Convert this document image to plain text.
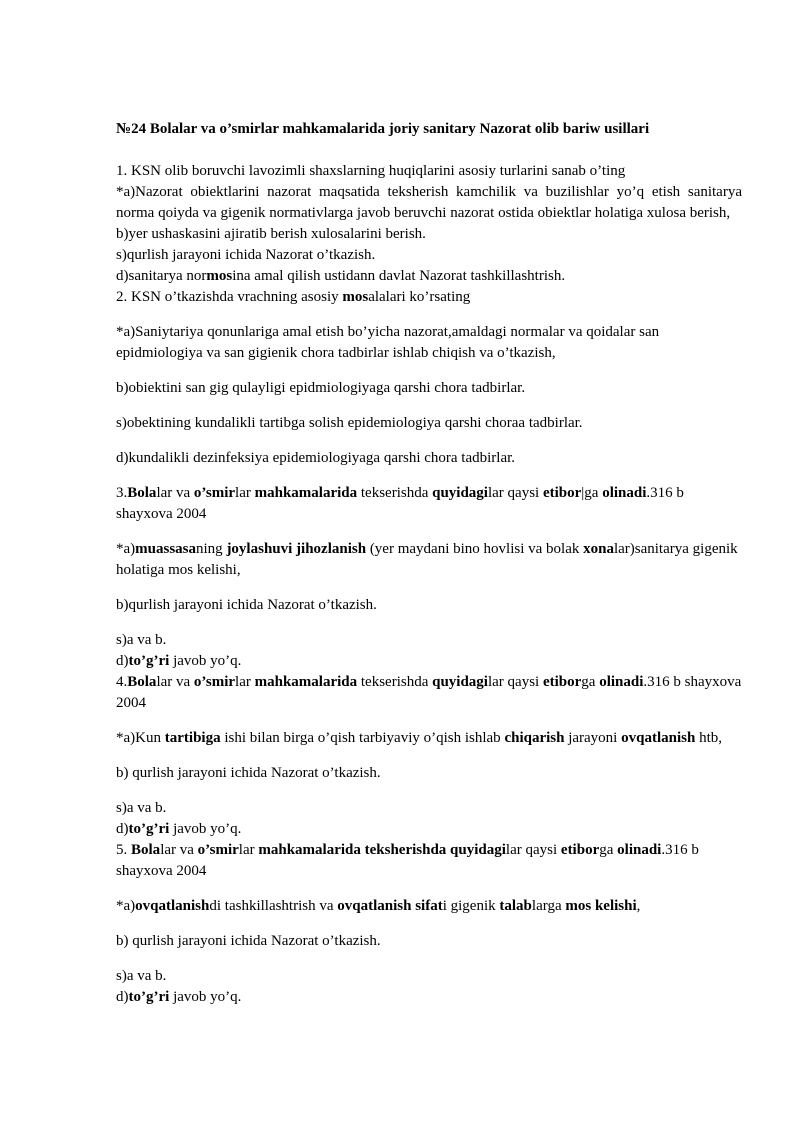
№24 Bolalar va o’smirlar mahkamalarida joriy sanitary Nazorat olib bariw usillari

1. KSN olib boruvchi lavozimli shaxslarning huqiqlarini asosiy turlarini sanab o’ting

*a)Nazorat obiektlarini nazorat maqsatida teksherish kamchilik va buzilishlar yo’q etish sanitarya norma qoiyda va gigenik normativlarga javob beruvchi nazorat ostida obiektlar holatiga xulosa berish,

b)yer ushaskasini ajiratib berish xulosalarini berish.

s)qurlish jarayoni ichida Nazorat o’tkazish.

d)sanitarya normosina amal qilish ustidann davlat Nazorat tashkillashtrish.

2. KSN o’tkazishda vrachning asosiy mosalalari ko’rsating

*a)Saniytariya qonunlariga amal etish bo’yicha nazorat,amaldagi normalar va qoidalar san epidmiologiya va san gigienik chora tadbirlar ishlab chiqish va o’tkazish,

b)obiektini san gig qulayligi epidmiologiyaga qarshi chora tadbirlar.

s)obektining kundalikli tartibga solish epidemiologiya qarshi choraa tadbirlar.

d)kundalikli dezinfeksiya epidemiologiyaga qarshi chora tadbirlar.

3.Bolalar va o’smirlar mahkamalarida tekserishda quyidagilar qaysi etibor|ga olinadi.316 b shayxova 2004

*a)muassasaning joylashuvi jihozlanish (yer maydani bino hovlisi va bolak xonalar)sanitarya gigenik holatiga mos kelishi,

b)qurlish jarayoni ichida Nazorat o’tkazish.

s)a va b.

d)to’g’ri javob yo’q.

4.Bolalar va o’smirlar mahkamalarida tekserishda quyidagilar qaysi etiborga olinadi.316 b shayxova 2004

*a)Kun tartibiga ishi bilan birga o’qish tarbiyaviy o’qish ishlab chiqarish jarayoni ovqatlanish htb,

b) qurlish jarayoni ichida Nazorat o’tkazish.

s)a va b.

d)to’g’ri javob yo’q.

5. Bolalar va o’smirlar mahkamalarida teksherishda quyidagilar qaysi etiborga olinadi.316 b shayxova 2004

*a)ovqatlanishdi tashkillashtrish va ovqatlanish sifati gigenik talablarga mos kelishi,

b) qurlish jarayoni ichida Nazorat o’tkazish.

s)a va b.

d)to’g’ri javob yo’q.
